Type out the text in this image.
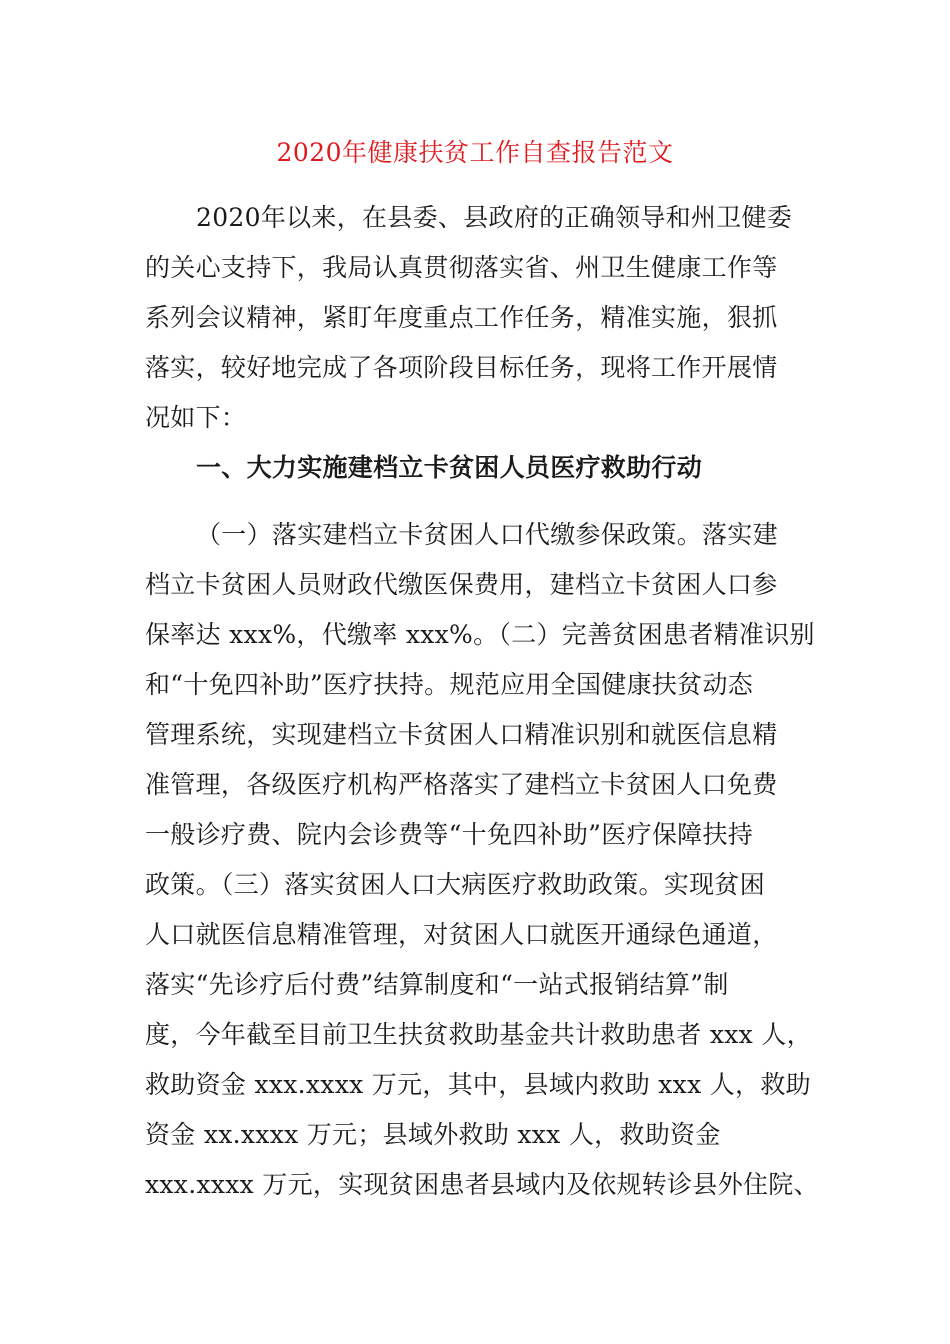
2020年健康扶贫工作自查报告范文
2020年以来，在县委、县政府的正确领导和州卫健委
的关心支持下，我局认真贯彻落实省、州卫生健康工作等
系列会议精神，紧盯年度重点工作任务，精准实施，狠抓
落实，较好地完成了各项阶段目标任务，现将工作开展情
况如下：
一、大力实施建档立卡贫困人员医疗救助行动
（一）落实建档立卡贫困人口代缴参保政策。落实建
档立卡贫困人员财政代缴医保费用，建档立卡贫困人口参
保率达 xxx%，代缴率 xxx%。（二）完善贫困患者精准识别
和“十免四补助”医疗扶持。规范应用全国健康扶贫动态
管理系统，实现建档立卡贫困人口精准识别和就医信息精
准管理，各级医疗机构严格落实了建档立卡贫困人口免费
一般诊疗费、院内会诊费等“十免四补助”医疗保障扶持
政策。（三）落实贫困人口大病医疗救助政策。实现贫困
人口就医信息精准管理，对贫困人口就医开通绿色通道，
落实“先诊疗后付费”结算制度和“一站式报销结算”制
度，今年截至目前卫生扶贫救助基金共计救助患者 xxx 人，
救助资金 xxx.xxxx 万元，其中，县域内救助 xxx 人，救助
资金 xx.xxxx 万元；县域外救助 xxx 人，救助资金
xxx.xxxx 万元，实现贫困患者县域内及依规转诊县外住院、
